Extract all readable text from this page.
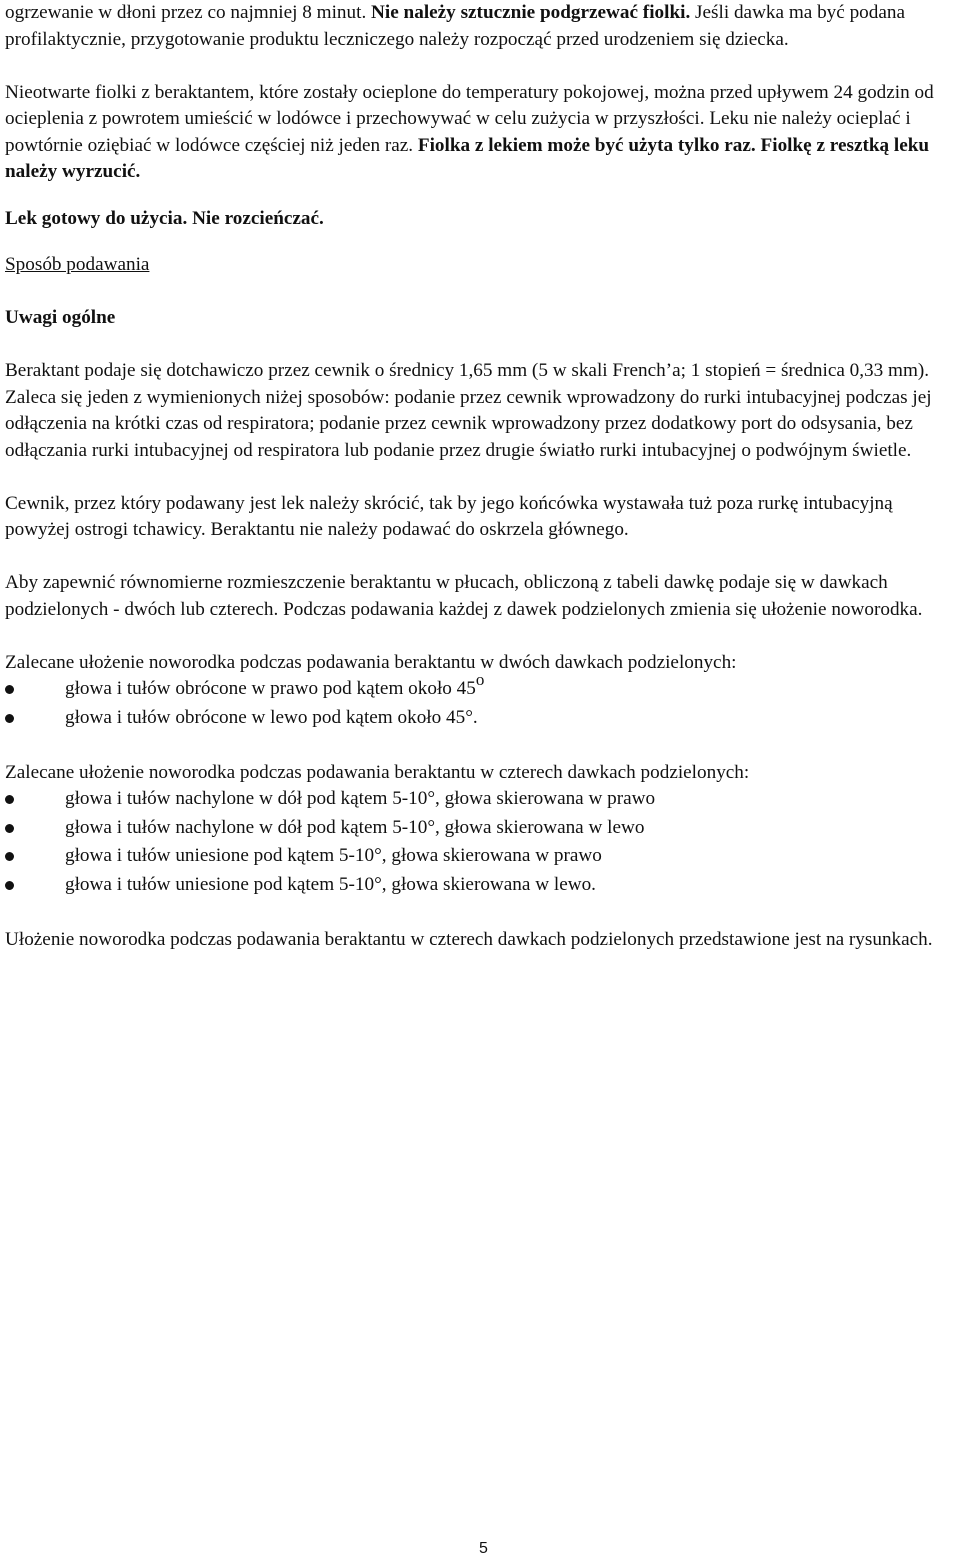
ogrzewanie w dłoni przez co najmniej 8 minut. Nie należy sztucznie podgrzewać fiolki. Jeśli dawka ma być podana profilaktycznie, przygotowanie produktu leczniczego należy rozpocząć przed urodzeniem się dziecka.

Nieotwarte fiolki z beraktantem, które zostały ocieplone do temperatury pokojowej, można przed upływem 24 godzin od ocieplenia z powrotem umieścić w lodówce i przechowywać w celu zużycia w przyszłości. Leku nie należy ocieplać i powtórnie oziębiać w lodówce częściej niż jeden raz. Fiolka z lekiem może być użyta tylko raz. Fiolkę z resztką leku należy wyrzucić.

Lek gotowy do użycia. Nie rozcieńczać.

Sposób podawania

Uwagi ogólne

Beraktant podaje się dotchawiczo przez cewnik o średnicy 1,65 mm (5 w skali French’a; 1 stopień = średnica 0,33 mm). Zaleca się jeden z wymienionych niżej sposobów: podanie przez cewnik wprowadzony do rurki intubacyjnej podczas jej odłączenia na krótki czas od respiratora; podanie przez cewnik wprowadzony przez dodatkowy port do odsysania, bez odłączania rurki intubacyjnej od respiratora lub podanie przez drugie światło rurki intubacyjnej o podwójnym świetle.

Cewnik, przez który podawany jest lek należy skrócić, tak by jego końcówka wystawała tuż poza rurkę intubacyjną powyżej ostrogi tchawicy. Beraktantu nie należy podawać do oskrzela głównego.

Aby zapewnić równomierne rozmieszczenie beraktantu w płucach, obliczoną z tabeli dawkę podaje się w dawkach podzielonych - dwóch lub czterech. Podczas podawania każdej z dawek podzielonych zmienia się ułożenie noworodka.

Zalecane ułożenie noworodka podczas podawania beraktantu w dwóch dawkach podzielonych:

głowa i tułów obrócone w prawo pod kątem około 45o
głowa i tułów obrócone w lewo pod kątem około 45°.

Zalecane ułożenie noworodka podczas podawania beraktantu w czterech dawkach podzielonych:

głowa i tułów nachylone w dół pod kątem 5-10°, głowa skierowana w prawo
głowa i tułów nachylone w dół pod kątem 5-10°, głowa skierowana w lewo
głowa i tułów uniesione pod kątem 5-10°, głowa skierowana w prawo
głowa i tułów uniesione pod kątem 5-10°, głowa skierowana w lewo.

Ułożenie noworodka podczas podawania beraktantu w czterech dawkach podzielonych przedstawione jest na rysunkach.

5
